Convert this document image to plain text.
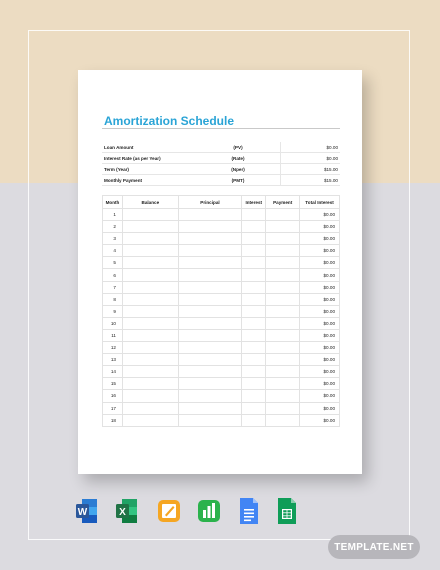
Amortization Schedule
Loan Amount	(PV)	$0.00
Interest Rate (as per Year)	(Rate)	$0.00
Term (Year)	(Nper)	$15.00
Monthly Payment	(PMT)	$15.00
Month	Balance	Principal	Interest	Payment	Total Interest
1					$0.00
2					$0.00
3					$0.00
4					$0.00
5					$0.00
6					$0.00
7					$0.00
8					$0.00
9					$0.00
10					$0.00
11					$0.00
12					$0.00
13					$0.00
14					$0.00
15					$0.00
16					$0.00
17					$0.00
18					$0.00
W	X
TEMPLATE.NET
